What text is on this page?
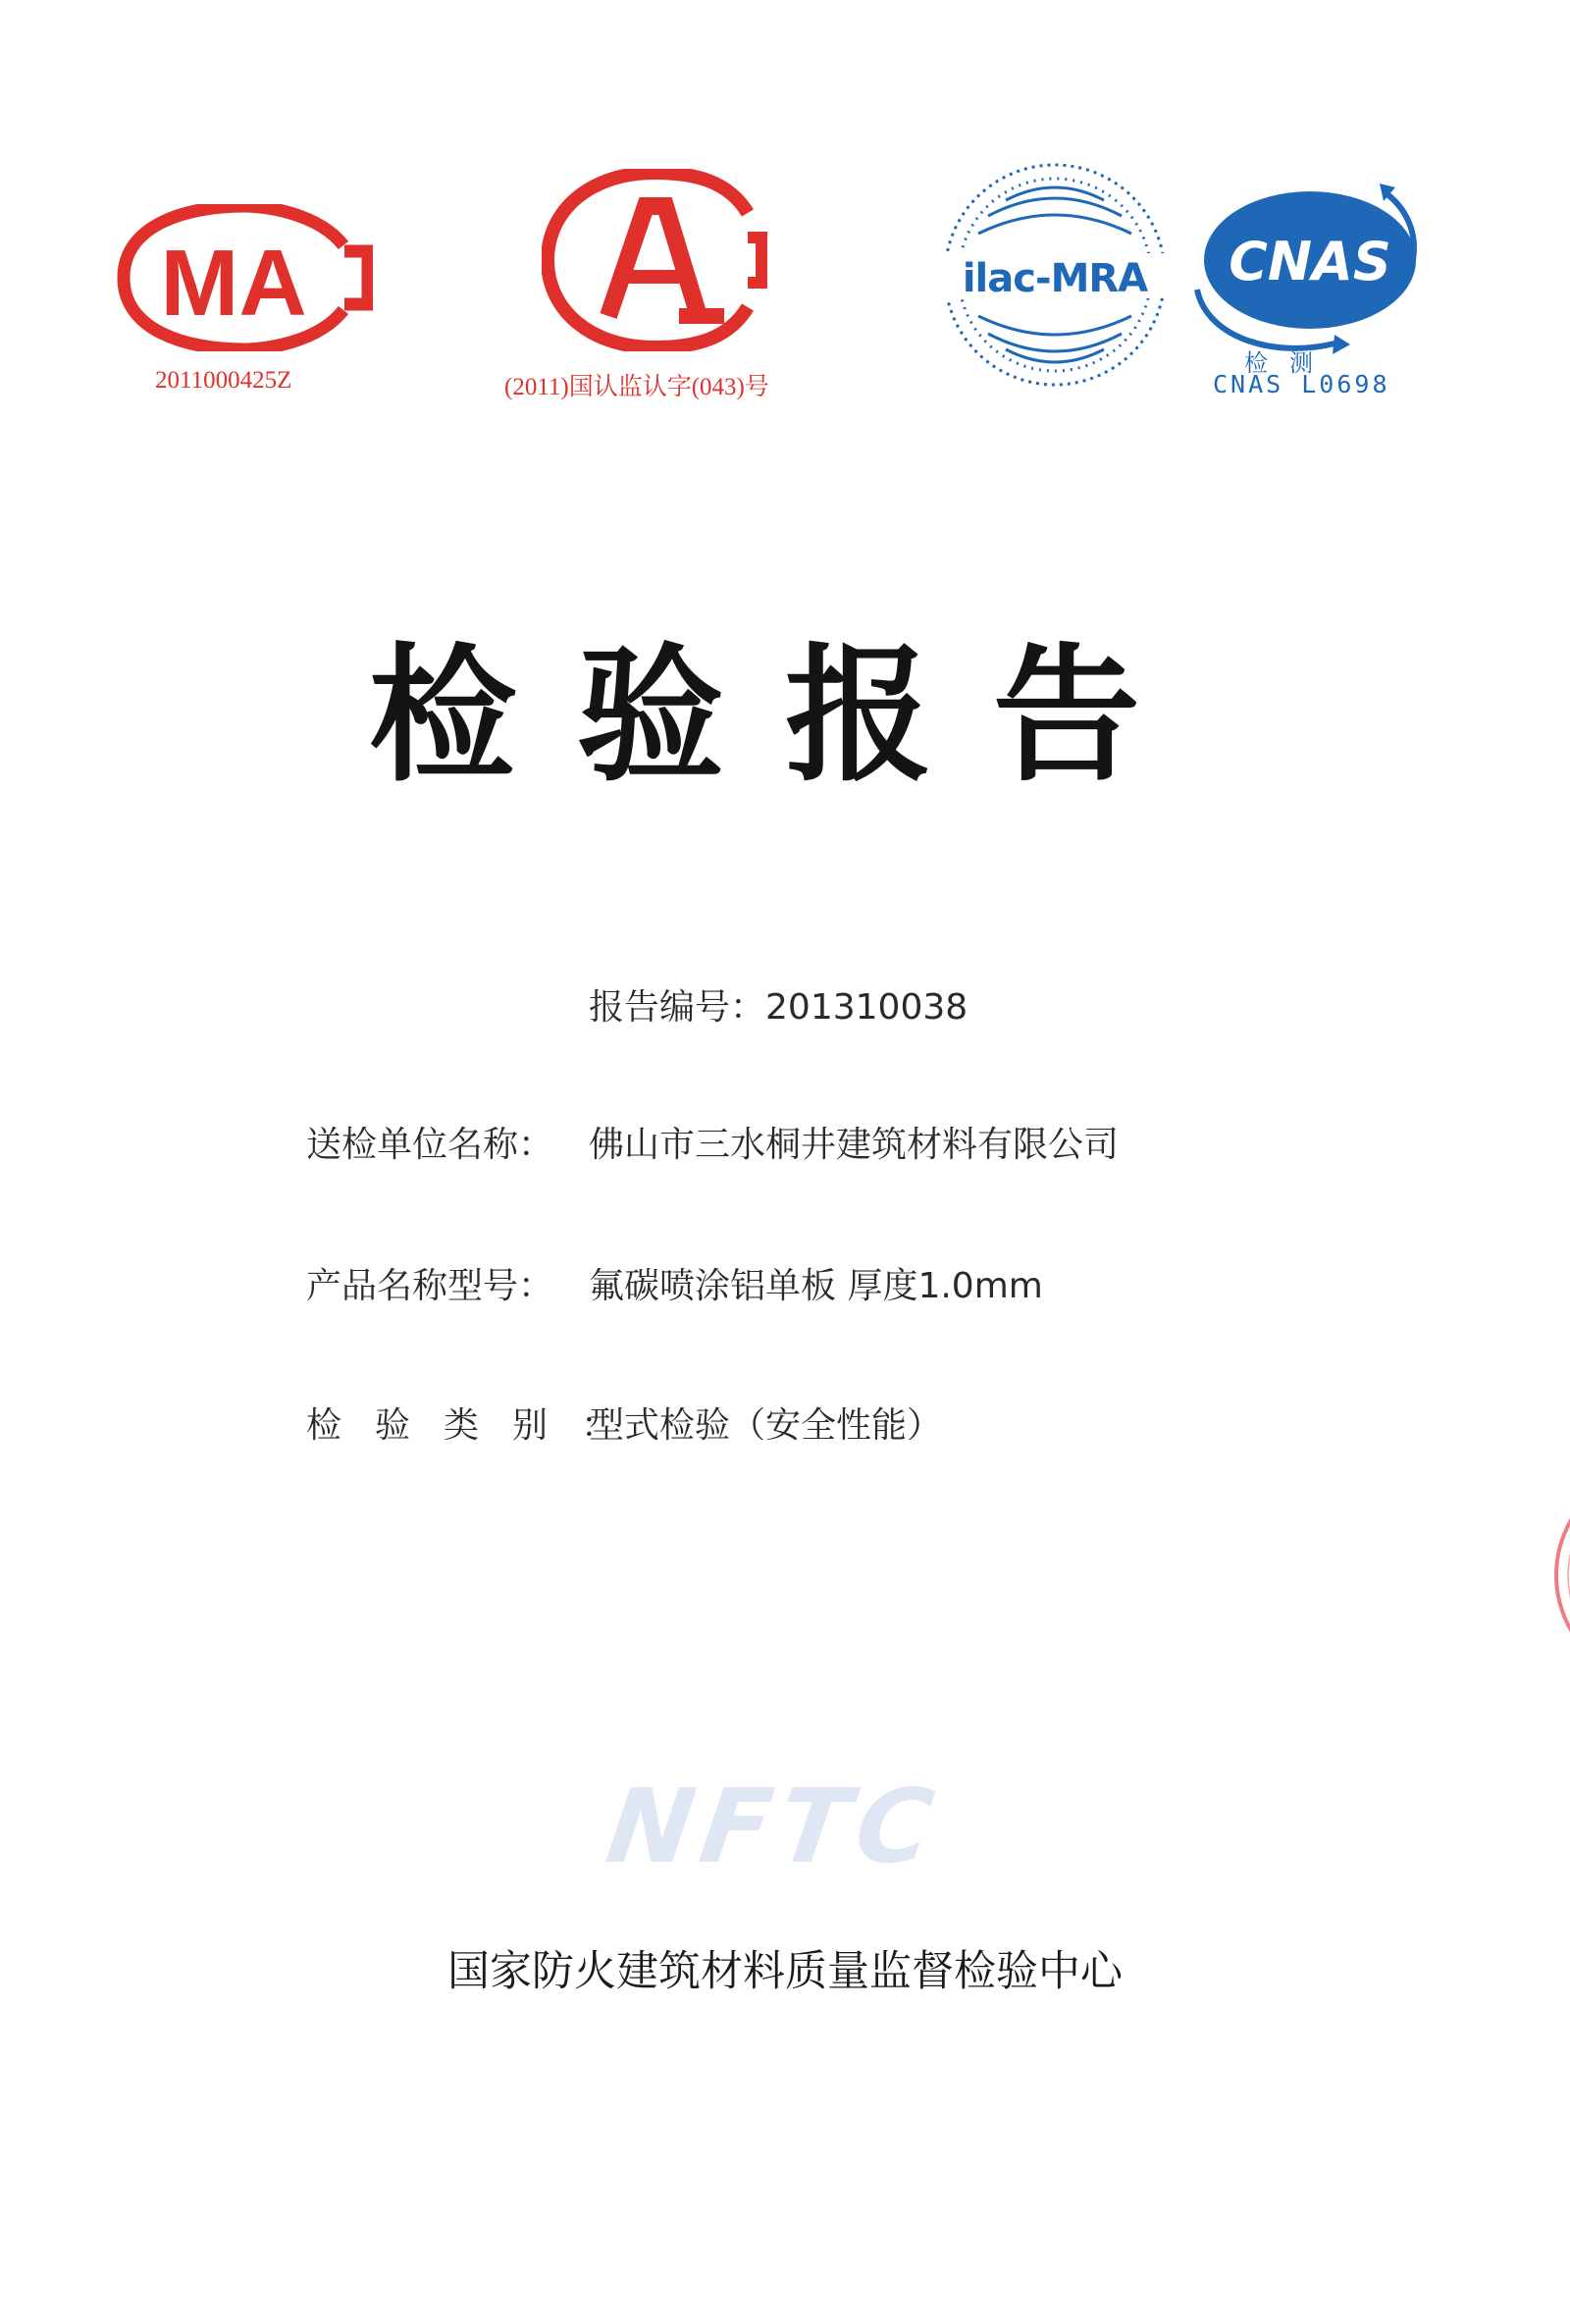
MA
2011000425Z	(2011)国认监认字(043)号
ilac-MRA CNAS
检测
CNAS L0698
检验报告
报告编号：201310038
送检单位名称： 佛山市三水桐井建筑材料有限公司
产品名称型号： 氟碳喷涂铝单板 厚度1.0mm
检验类别：型式检验（安全性能）
NFTC
国家防火建筑材料质量监督检验中心
